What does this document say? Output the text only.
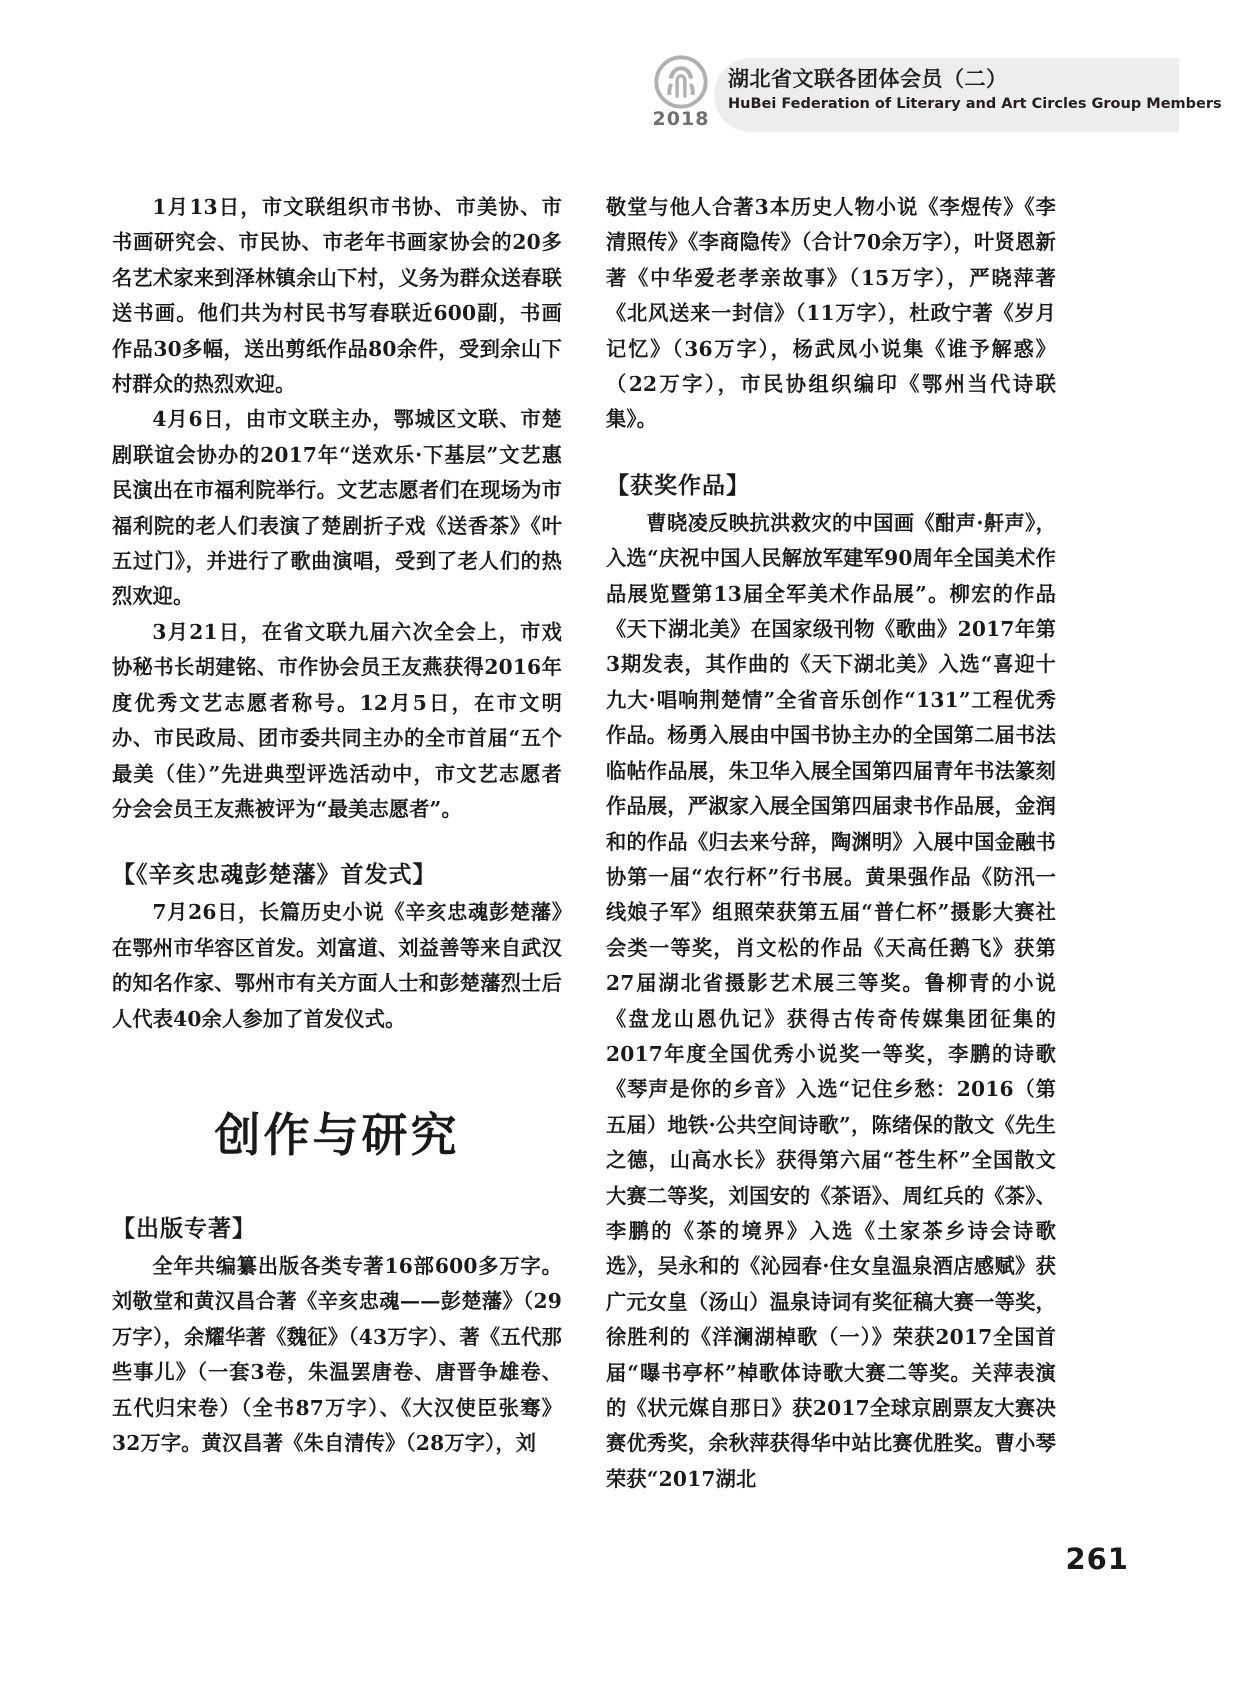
2018
湖北省文联各团体会员（二）
HuBei Federation of Literary and Art Circles Group Members

1月13日，市文联组织市书协、市美协、市书画研究会、市民协、市老年书画家协会的20多名艺术家来到泽林镇余山下村，义务为群众送春联送书画。他们共为村民书写春联近600副，书画作品30多幅，送出剪纸作品80余件，受到余山下村群众的热烈欢迎。

4月6日，由市文联主办，鄂城区文联、市楚剧联谊会协办的2017年“送欢乐·下基层”文艺惠民演出在市福利院举行。文艺志愿者们在现场为市福利院的老人们表演了楚剧折子戏《送香茶》《叶五过门》，并进行了歌曲演唱，受到了老人们的热烈欢迎。

3月21日，在省文联九届六次全会上，市戏协秘书长胡建铭、市作协会员王友燕获得2016年度优秀文艺志愿者称号。12月5日，在市文明办、市民政局、团市委共同主办的全市首届“五个最美（佳）”先进典型评选活动中，市文艺志愿者分会会员王友燕被评为“最美志愿者”。

【《辛亥忠魂彭楚藩》首发式】

7月26日，长篇历史小说《辛亥忠魂彭楚藩》在鄂州市华容区首发。刘富道、刘益善等来自武汉的知名作家、鄂州市有关方面人士和彭楚藩烈士后人代表40余人参加了首发仪式。

创作与研究
【出版专著】

全年共编纂出版各类专著16部600多万字。刘敬堂和黄汉昌合著《辛亥忠魂——彭楚藩》（29万字），余耀华著《魏征》（43万字）、著《五代那些事儿》（一套3卷，朱温罢唐卷、唐晋争雄卷、五代归宋卷）（全书87万字）、《大汉使臣张骞》32万字。黄汉昌著《朱自清传》（28万字），刘

敬堂与他人合著3本历史人物小说《李煜传》《李清照传》《李商隐传》（合计70余万字），叶贤恩新著《中华爱老孝亲故事》（15万字），严晓萍著《北风送来一封信》（11万字），杜政宁著《岁月记忆》（36万字），杨武凤小说集《谁予解惑》（22万字），市民协组织编印《鄂州当代诗联集》。

【获奖作品】

曹晓凌反映抗洪救灾的中国画《酣声·鼾声》，入选“庆祝中国人民解放军建军90周年全国美术作品展览暨第13届全军美术作品展”。柳宏的作品《天下湖北美》在国家级刊物《歌曲》2017年第3期发表，其作曲的《天下湖北美》入选“喜迎十九大·唱响荆楚情”全省音乐创作“131”工程优秀作品。杨勇入展由中国书协主办的全国第二届书法临帖作品展，朱卫华入展全国第四届青年书法篆刻作品展，严淑家入展全国第四届隶书作品展，金润和的作品《归去来兮辞，陶渊明》入展中国金融书协第一届“农行杯”行书展。黄果强作品《防汛一线娘子军》组照荣获第五届“普仁杯”摄影大赛社会类一等奖，肖文松的作品《天高任鹅飞》获第27届湖北省摄影艺术展三等奖。鲁柳青的小说《盘龙山恩仇记》获得古传奇传媒集团征集的2017年度全国优秀小说奖一等奖，李鹏的诗歌《琴声是你的乡音》入选“记住乡愁：2016（第五届）地铁·公共空间诗歌”，陈绪保的散文《先生之德，山高水长》获得第六届“苍生杯”全国散文大赛二等奖，刘国安的《茶语》、周红兵的《茶》、李鹏的《茶的境界》入选《土家茶乡诗会诗歌选》，吴永和的《沁园春·住女皇温泉酒店感赋》获广元女皇（汤山）温泉诗词有奖征稿大赛一等奖，徐胜利的《洋澜湖棹歌（一）》荣获2017全国首届“曝书亭杯”棹歌体诗歌大赛二等奖。关萍表演的《状元媒自那日》获2017全球京剧票友大赛决赛优秀奖，余秋萍获得华中站比赛优胜奖。曹小琴荣获“2017湖北

261
